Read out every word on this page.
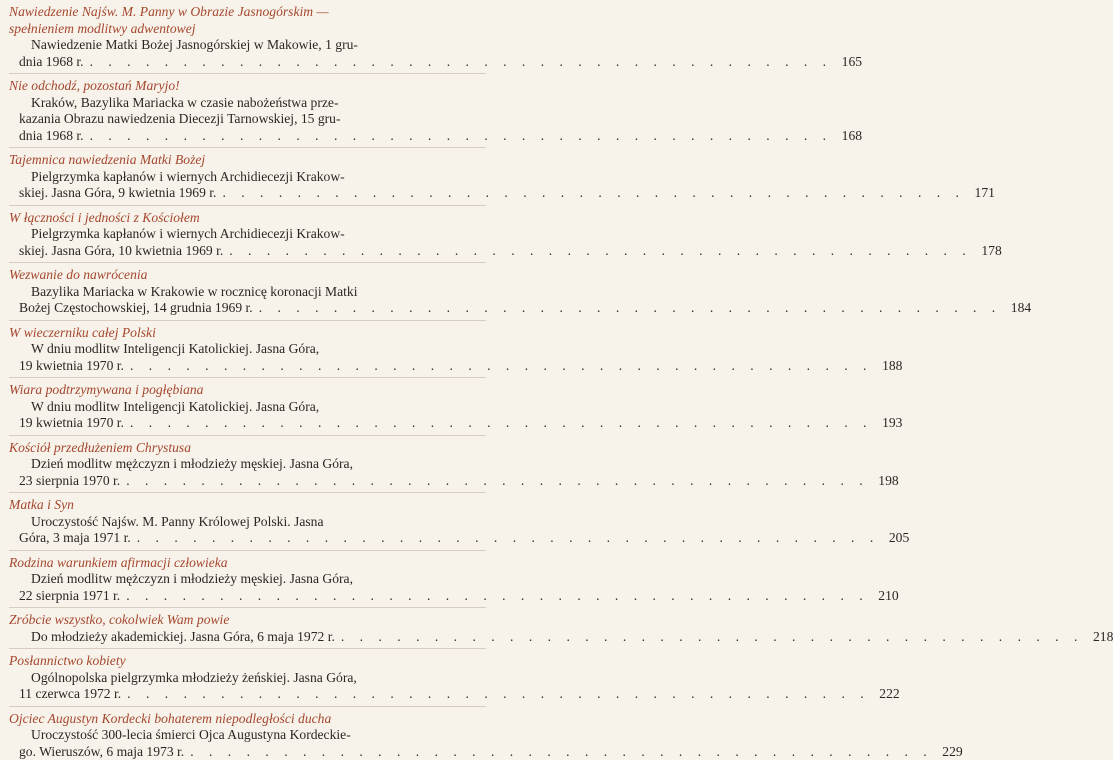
Nawiedzenie Najśw. M. Panny w Obrazie Jasnogórskim —
spełnieniem modlitwy adwentowej
Nawiedzenie Matki Bożej Jasnogórskiej w Makowie, 1 gru-
dnia 1968 r. . . . . . . . . . . . . . . . . . . . . . . . . . . . . . . . . . . . . . . . . 165
Nie odchodź, pozostań Maryjo!
Kraków, Bazylika Mariacka w czasie nabożeństwa prze-
kazania Obrazu nawiedzenia Diecezji Tarnowskiej, 15 gru-
dnia 1968 r. . . . . . . . . . . . . . . . . . . . . . . . . . . . . . . . . . . . . . . . . 168
Tajemnica nawiedzenia Matki Bożej
Pielgrzymka kapłanów i wiernych Archidiecezji Krakow-
skiej. Jasna Góra, 9 kwietnia 1969 r. . . . . . . . . . . . . . . . . . . . . . . . . . . . . . . . . . . . . . . . . 171
W łączności i jedności z Kościołem
Pielgrzymka kapłanów i wiernych Archidiecezji Krakow-
skiej. Jasna Góra, 10 kwietnia 1969 r. . . . . . . . . . . . . . . . . . . . . . . . . . . . . . . . . . . . . . . . . 178
Wezwanie do nawrócenia
Bazylika Mariacka w Krakowie w rocznicę koronacji Matki
Bożej Częstochowskiej, 14 grudnia 1969 r. . . . . . . . . . . . . . . . . . . . . . . . . . . . . . . . . . . . . . . . . 184
W wieczerniku całej Polski
W dniu modlitw Inteligencji Katolickiej. Jasna Góra,
19 kwietnia 1970 r. . . . . . . . . . . . . . . . . . . . . . . . . . . . . . . . . . . . . . . . . 188
Wiara podtrzymywana i pogłębiana
W dniu modlitw Inteligencji Katolickiej. Jasna Góra,
19 kwietnia 1970 r. . . . . . . . . . . . . . . . . . . . . . . . . . . . . . . . . . . . . . . . . 193
Kościół przedłużeniem Chrystusa
Dzień modlitw mężczyzn i młodzieży męskiej. Jasna Góra,
23 sierpnia 1970 r. . . . . . . . . . . . . . . . . . . . . . . . . . . . . . . . . . . . . . . . . 198
Matka i Syn
Uroczystość Najśw. M. Panny Królowej Polski. Jasna
Góra, 3 maja 1971 r. . . . . . . . . . . . . . . . . . . . . . . . . . . . . . . . . . . . . . . . . 205
Rodzina warunkiem afirmacji człowieka
Dzień modlitw mężczyzn i młodzieży męskiej. Jasna Góra,
22 sierpnia 1971 r. . . . . . . . . . . . . . . . . . . . . . . . . . . . . . . . . . . . . . . . . 210
Zróbcie wszystko, cokolwiek Wam powie
Do młodzieży akademickiej. Jasna Góra, 6 maja 1972 r. . . . . . . . . . . . . . . . . . . . . . . . . . . . . . . . . . . . . . . . . 218
Posłannictwo kobiety
Ogólnopolska pielgrzymka młodzieży żeńskiej. Jasna Góra,
11 czerwca 1972 r. . . . . . . . . . . . . . . . . . . . . . . . . . . . . . . . . . . . . . . . . 222
Ojciec Augustyn Kordecki bohaterem niepodległości ducha
Uroczystość 300-lecia śmierci Ojca Augustyna Kordeckie-
go. Wieruszów, 6 maja 1973 r. . . . . . . . . . . . . . . . . . . . . . . . . . . . . . . . . . . . . . . . . 229
